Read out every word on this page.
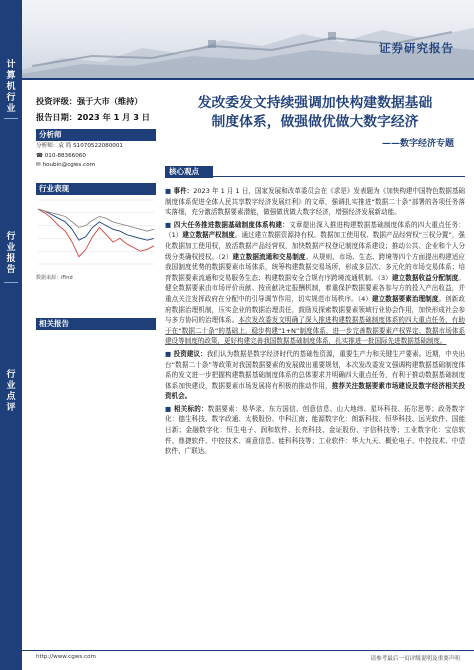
计
算
机
行
业
行
业
报
告
行
业
点
评
证券研究报告
投资评级：强于大市（维持）
报告日期：2023 年 1 月 3 日
分析师
分析师：袁 简 S1070522080001
☎ 010-88366060
✉ houbin@cgws.com
行业表现
数据来源：iFind
相关报告
发改委发文持续强调加快构建数据基础
制度体系，做强做优做大数字经济
——数字经济专题
核心观点

■ 事件：2023 年 1 月 1 日，国家发展和改革委员会在《求是》发表题为《加快构建中国特色数据基础制度体系促进全体人民共享数字经济发展红利》的文章，强调扎实推进“数据二十条”部署的各项任务落实落细，充分激活数据要素潜能，做强做优做大数字经济，增强经济发展新动能。

■ 四大任务推进数据基础制度体系构建：文章提出深入推进构建数据基础制度体系的四大重点任务：（1）建立数据产权制度。通过建立数据资源持有权、数据加工使用权、数据产品经营权“三权分置”，强化数据加工使用权，放活数据产品经营权，加快数据产权登记制度体系建设；推动公共、企业和个人分级分类确权授权。（2）建立数据流通和交易制度。从规则、市场、生态、跨境等四个方面提出构建适应我国制度优势的数据要素市场体系，统筹构建数据交易场所，形成多层次、多元化的市场交易体系；培育数据要素流通和交易服务生态；构建数据安全合规有序跨境流通机制。（3）建立数据收益分配制度。健全数据要素由市场评价贡献、按贡献决定报酬机制，着重保护数据要素各参与方的投入产出收益，并重点关注发挥政府在分配中的引导调节作用，切实规范市场秩序。（4）建立数据要素治理制度。创新政府数据治理机制，压实企业的数据治理责任，鼓励及探索数据要素领域行业协会作用，加快形成社会参与多方协同的治理体系。本次发改委发文明确了深入推进构建数据基础制度体系的四大重点任务，有助于在“数据二十条”的基础上，稳步构建“1+N”制度体系，进一步完善数据要素产权界定、数据市场体系建设等制度的政策，更好构建完善我国数据基础制度体系，扎实推进一批国际先进数据基础制度。

■ 投资建议：我们认为数据是数字经济时代的基础性资源，重要生产力和关键生产要素。近期，中央出台“数据二十条”等政策对我国数据要素的发展做出重要规划，本次发改委发文强调构建数据基础制度体系的发文进一步把握构建数据基础制度体系的总体要求并明确四大重点任务，有利于推动数据基础制度体系加快建设，数据要素市场发展将有积极的推动作用，推荐关注数据要素市场建设及数字经济相关投资机会。

■ 相关标的：数据要素：易华录、东方国信、创意信息、山大地纬、星环科技、拓尔思等；政务数字化：德生科技、数字政通、太极股份、中科江南；能源数字化：朗新科技、恒华科技、远光软件、国能日新；金融数字化：恒生电子、润和软件、长亮科技、金证股份、宇信科技等；工业数字化：宝信软件、鼎捷软件、中控技术、赛意信息、能科科技等；工业软件：华大九天、概伦电子、中控技术、中望软件、广联达。

http://www.cgws.com	请参考最后一页评级说明及重要声明
